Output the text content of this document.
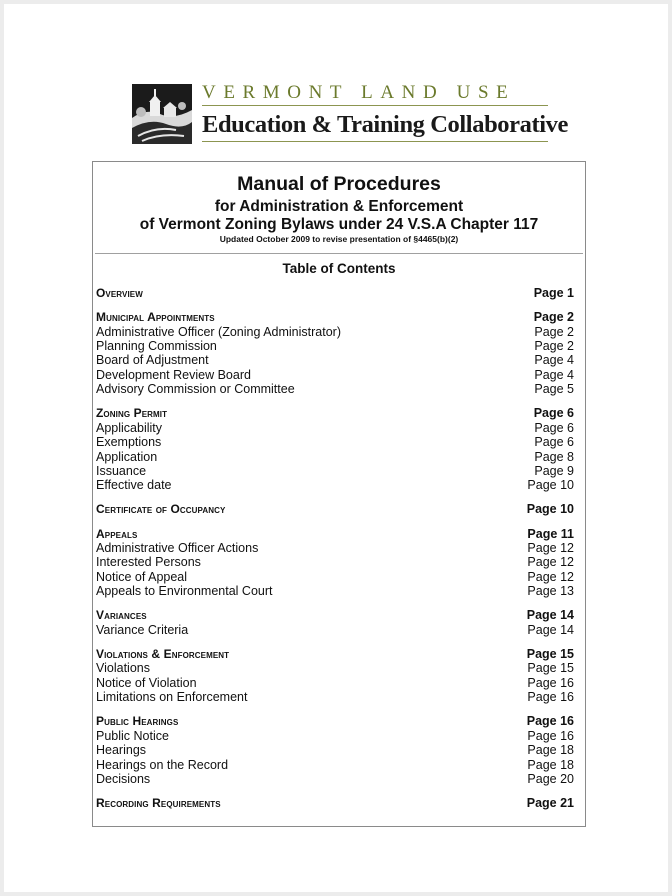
VERMONT LAND USE
Education & Training Collaborative
Manual of Procedures
for Administration & Enforcement
of Vermont Zoning Bylaws under 24 V.S.A Chapter 117
Updated October 2009 to revise presentation of §4465(b)(2)
Table of Contents
Overview	Page 1
Municipal Appointments	Page 2
Administrative Officer (Zoning Administrator)	Page 2
Planning Commission	Page 2
Board of Adjustment	Page 4
Development Review Board	Page 4
Advisory Commission or Committee	Page 5
Zoning Permit	Page 6
Applicability	Page 6
Exemptions	Page 6
Application	Page 8
Issuance	Page 9
Effective date	Page 10
Certificate of Occupancy	Page 10
Appeals	Page 11
Administrative Officer Actions	Page 12
Interested Persons	Page 12
Notice of Appeal	Page 12
Appeals to Environmental Court	Page 13
Variances	Page 14
Variance Criteria	Page 14
Violations & Enforcement	Page 15
Violations	Page 15
Notice of Violation	Page 16
Limitations on Enforcement	Page 16
Public Hearings	Page 16
Public Notice	Page 16
Hearings	Page 18
Hearings on the Record	Page 18
Decisions	Page 20
Recording Requirements	Page 21
